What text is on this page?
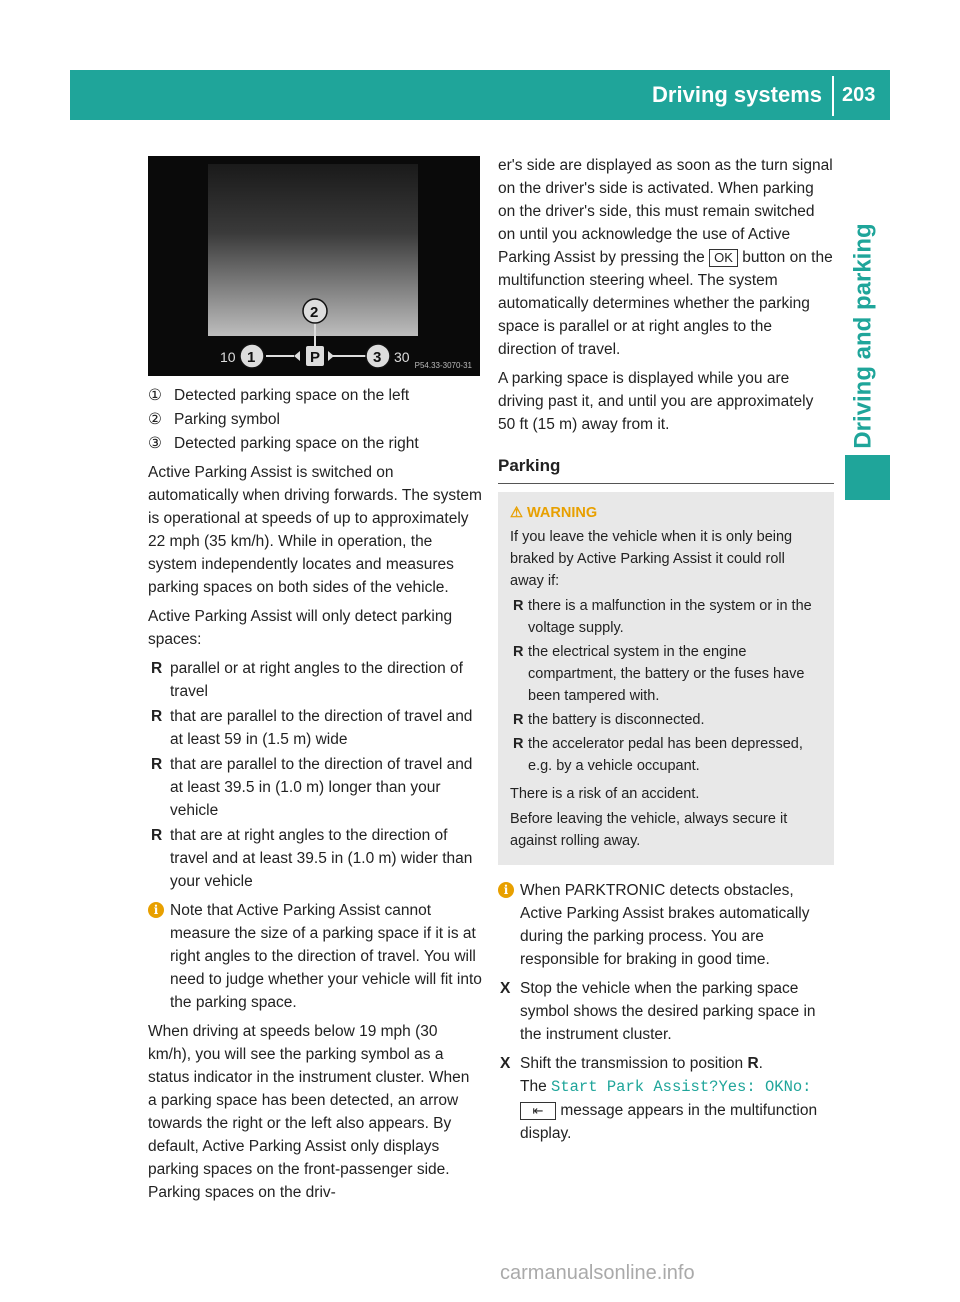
Driving systems 203
Driving and parking
10	30
P
1
2
3	P54.33-3070-31
① Detected parking space on the left
② Parking symbol
③ Detected parking space on the right

Active Parking Assist is switched on automatically when driving forwards. The system is operational at speeds of up to approximately 22 mph (35 km/h). While in operation, the system independently locates and measures parking spaces on both sides of the vehicle.

Active Parking Assist will only detect parking spaces:

R parallel or at right angles to the direction of travel
R that are parallel to the direction of travel and at least 59 in (1.5 m) wide
R that are parallel to the direction of travel and at least 39.5 in (1.0 m) longer than your vehicle
R that are at right angles to the direction of travel and at least 39.5 in (1.0 m) wider than your vehicle
i Note that Active Parking Assist cannot measure the size of a parking space if it is at right angles to the direction of travel. You will need to judge whether your vehicle will fit into the parking space.

When driving at speeds below 19 mph (30 km/h), you will see the parking symbol as a status indicator in the instrument cluster. When a parking space has been detected, an arrow towards the right or the left also appears. By default, Active Parking Assist only displays parking spaces on the front-passenger side. Parking spaces on the driv-

er's side are displayed as soon as the turn signal on the driver's side is activated. When parking on the driver's side, this must remain switched on until you acknowledge the use of Active Parking Assist by pressing the OK button on the multifunction steering wheel. The system automatically determines whether the parking space is parallel or at right angles to the direction of travel.

A parking space is displayed while you are driving past it, and until you are approximately 50 ft (15 m) away from it.

Parking
⚠ WARNING

If you leave the vehicle when it is only being braked by Active Parking Assist it could roll away if:

R there is a malfunction in the system or in the voltage supply.
R the electrical system in the engine compartment, the battery or the fuses have been tampered with.
R the battery is disconnected.
R the accelerator pedal has been depressed, e.g. by a vehicle occupant.

There is a risk of an accident.

Before leaving the vehicle, always secure it against rolling away.

i When PARKTRONIC detects obstacles, Active Parking Assist brakes automatically during the parking process. You are responsible for braking in good time.
X Stop the vehicle when the parking space symbol shows the desired parking space in the instrument cluster.
X Shift the transmission to position R.
The Start Park Assist?Yes: OKNo:
⇤ message appears in the multifunction display.
carmanualsonline.info
